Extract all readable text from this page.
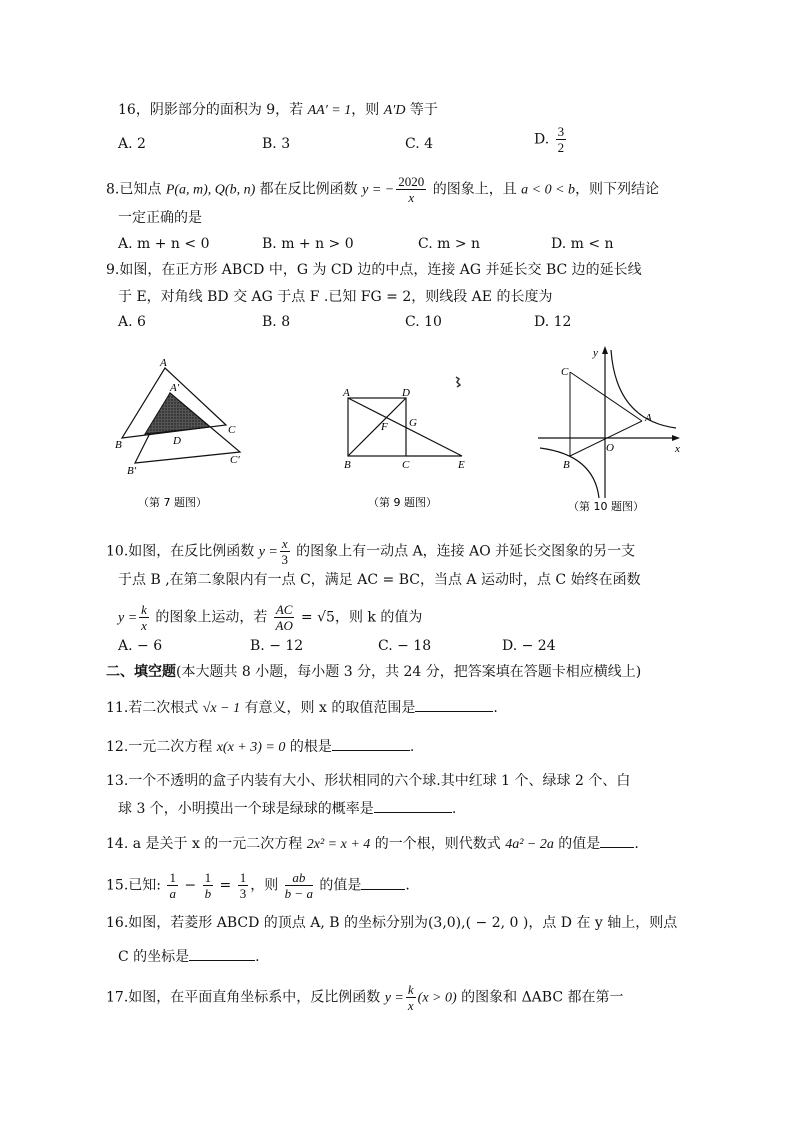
16，阴影部分的面积为 9，若 AA′ = 1，则 A′D 等于
A. 2	B. 3	C. 4	D. $\frac{3}{2}$
8.已知点 P(a, m), Q(b, n) 都在反比例函数 y = − $\frac{2020}{x}$ 的图象上，且 a < 0 < b，则下列结论
一定正确的是
A. m + n < 0	B. m + n > 0	C. m > n	D. m < n
9.如图，在正方形 ABCD 中，G 为 CD 边的中点，连接 AG 并延长交 BC 边的延长线
于 E，对角线 BD 交 AG 于点 F .已知 FG = 2，则线段 AE 的长度为
A. 6	B. 8	C. 10	D. 12
A
A′
B	D
C
B′
C′
（第 7 题图）
A	D
F G
B	C	E
（第 9 题图）
y
C
A
O	x
B
（第 10 题图）
10.如图，在反比例函数 $y = \frac{x}{3}$ 的图象上有一动点 A，连接 AO 并延长交图象的另一支
于点 B ,在第二象限内有一点 C，满足 AC = BC，当点 A 运动时，点 C 始终在函数
$y = \frac{k}{x}$ 的图象上运动，若 $\frac{AC}{AO} = √5$，则 k 的值为
A. − 6	B. − 12	C. − 18	D. − 24
二、填空题(本大题共 8 小题，每小题 3 分，共 24 分，把答案填在答题卡相应横线上)
11.若二次根式 √x − 1 有意义，则 x 的取值范围是	.
12.一元二次方程 x(x + 3) = 0 的根是	.
13.一个不透明的盒子内装有大小、形状相同的六个球.其中红球 1 个、绿球 2 个、白
球 3 个，小明摸出一个球是绿球的概率是	.
14. a 是关于 x 的一元二次方程 2x² = x + 4 的一个根，则代数式 4a² − 2a 的值是 .
15.已知: $\frac{1}{a} - \frac{1}{b} = \frac{1}{3}$ ，则 $\frac{ab}{b - a}$ 的值是	.
16.如图，若菱形 ABCD 的顶点 A, B 的坐标分别为(3,0),( − 2, 0 )，点 D 在 y 轴上，则点
C 的坐标是	.
17.如图，在平面直角坐标系中，反比例函数 $y = \frac{k}{x} (x > 0)$ 的图象和 ΔABC 都在第一
